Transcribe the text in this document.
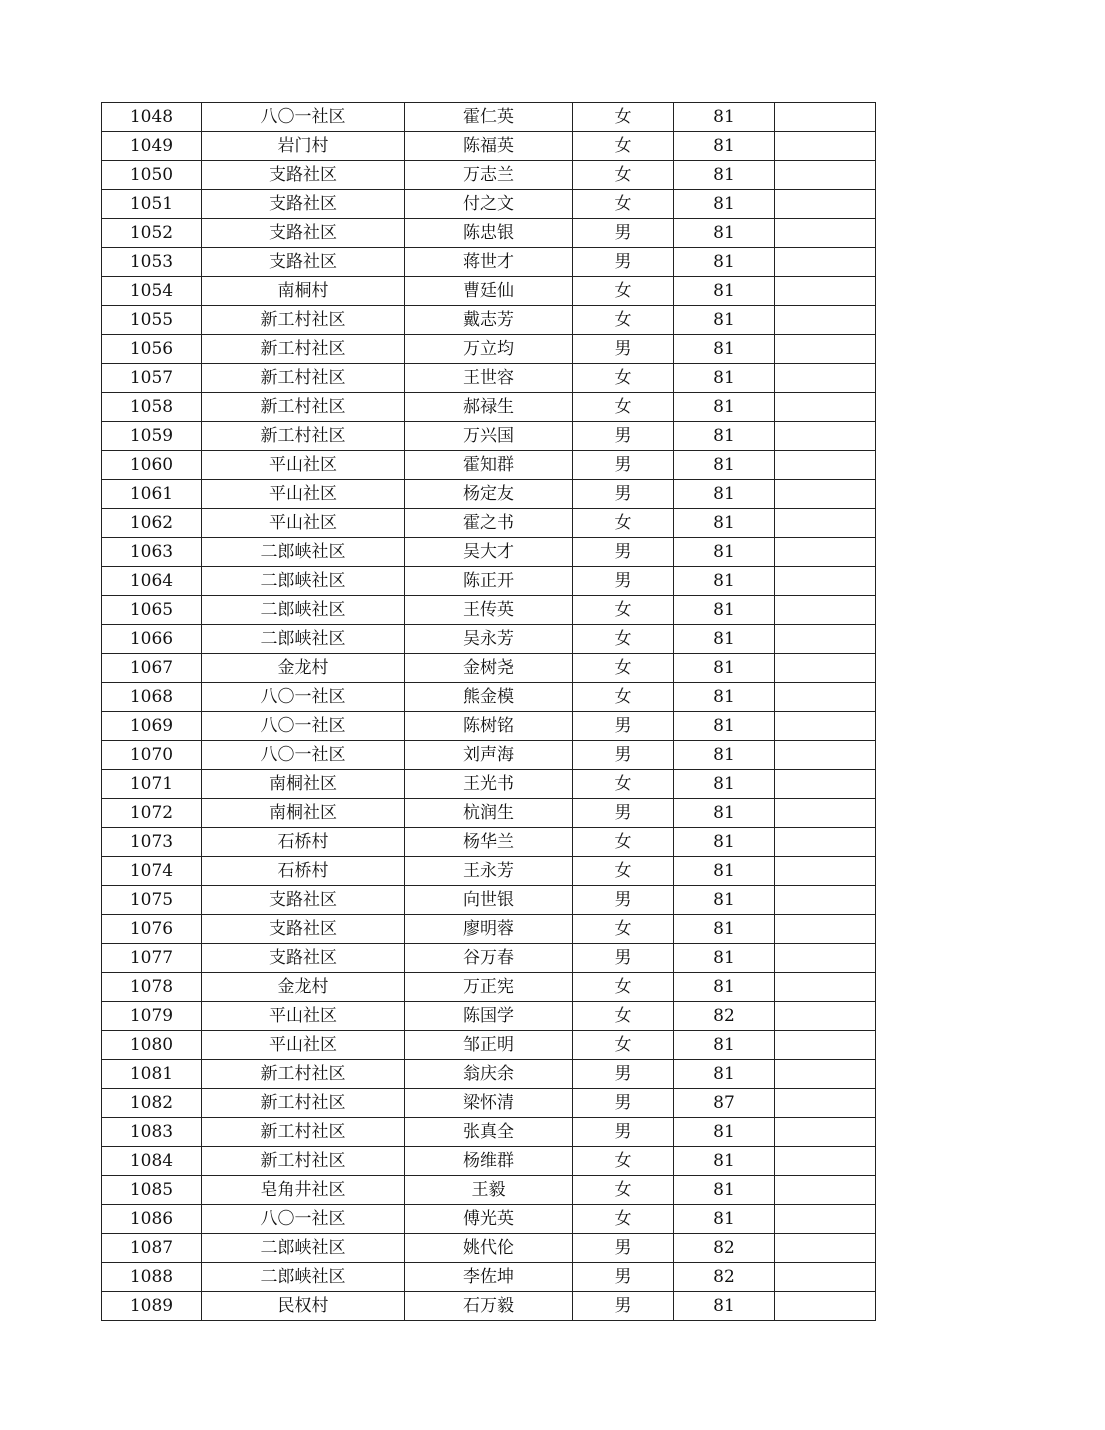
1048	八〇一社区	霍仁英	女	81	
1049	岩门村	陈福英	女	81	
1050	支路社区	万志兰	女	81	
1051	支路社区	付之文	女	81	
1052	支路社区	陈忠银	男	81	
1053	支路社区	蒋世才	男	81	
1054	南桐村	曹廷仙	女	81	
1055	新工村社区	戴志芳	女	81	
1056	新工村社区	万立均	男	81	
1057	新工村社区	王世容	女	81	
1058	新工村社区	郝禄生	女	81	
1059	新工村社区	万兴国	男	81	
1060	平山社区	霍知群	男	81	
1061	平山社区	杨定友	男	81	
1062	平山社区	霍之书	女	81	
1063	二郎峡社区	吴大才	男	81	
1064	二郎峡社区	陈正开	男	81	
1065	二郎峡社区	王传英	女	81	
1066	二郎峡社区	吴永芳	女	81	
1067	金龙村	金树尧	女	81	
1068	八〇一社区	熊金模	女	81	
1069	八〇一社区	陈树铭	男	81	
1070	八〇一社区	刘声海	男	81	
1071	南桐社区	王光书	女	81	
1072	南桐社区	杭润生	男	81	
1073	石桥村	杨华兰	女	81	
1074	石桥村	王永芳	女	81	
1075	支路社区	向世银	男	81	
1076	支路社区	廖明蓉	女	81	
1077	支路社区	谷万春	男	81	
1078	金龙村	万正宪	女	81	
1079	平山社区	陈国学	女	82	
1080	平山社区	邹正明	女	81	
1081	新工村社区	翁庆余	男	81	
1082	新工村社区	梁怀清	男	87	
1083	新工村社区	张真全	男	81	
1084	新工村社区	杨维群	女	81	
1085	皂角井社区	王毅	女	81	
1086	八〇一社区	傅光英	女	81	
1087	二郎峡社区	姚代伦	男	82	
1088	二郎峡社区	李佐坤	男	82	
1089	民权村	石万毅	男	81	
